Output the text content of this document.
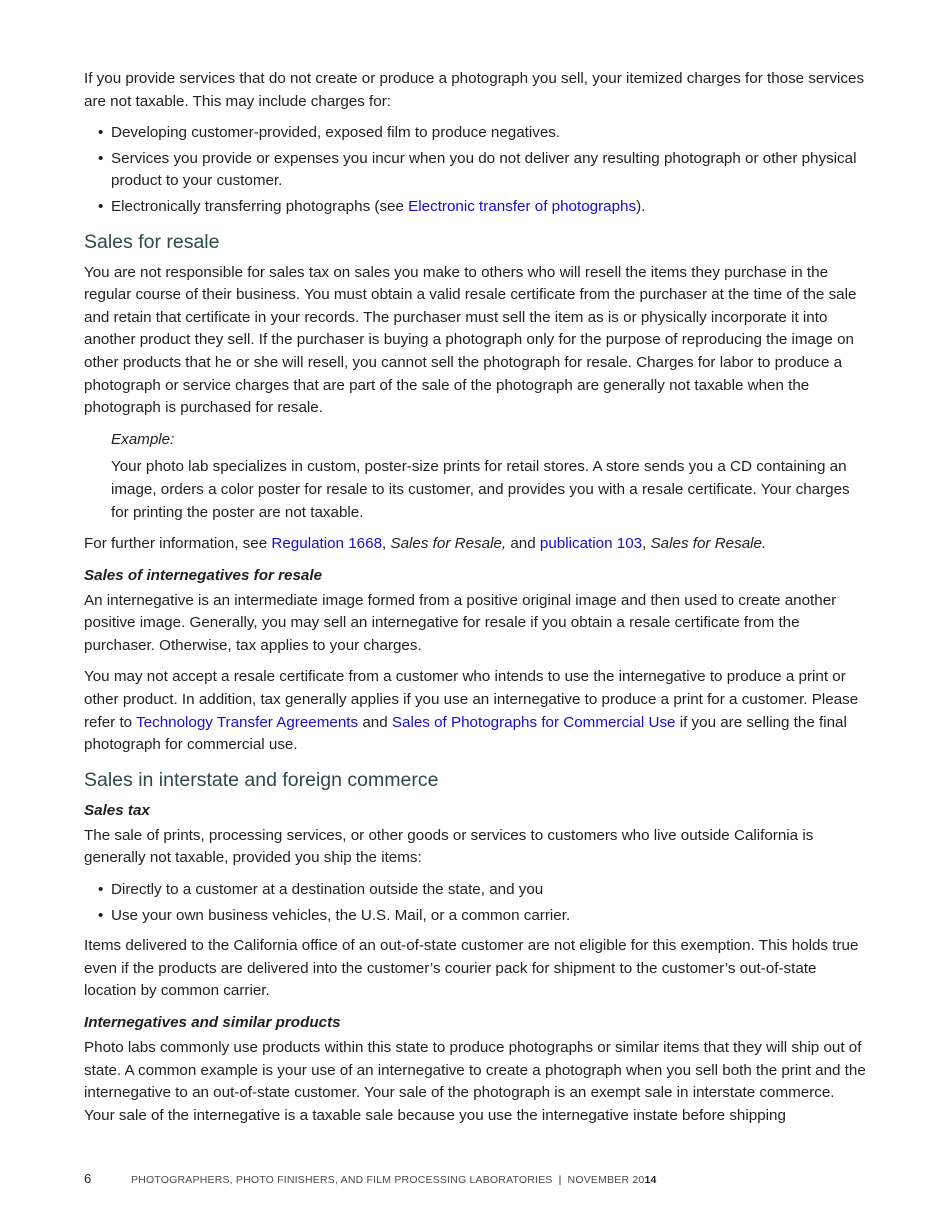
If you provide services that do not create or produce a photograph you sell, your itemized charges for those services are not taxable. This may include charges for:

• Developing customer-provided, exposed film to produce negatives.
• Services you provide or expenses you incur when you do not deliver any resulting photograph or other physical product to your customer.
• Electronically transferring photographs (see Electronic transfer of photographs).
Sales for resale

You are not responsible for sales tax on sales you make to others who will resell the items they purchase in the regular course of their business. You must obtain a valid resale certificate from the purchaser at the time of the sale and retain that certificate in your records. The purchaser must sell the item as is or physically incorporate it into another product they sell. If the purchaser is buying a photograph only for the purpose of reproducing the image on other products that he or she will resell, you cannot sell the photograph for resale. Charges for labor to produce a photograph or service charges that are part of the sale of the photograph are generally not taxable when the photograph is purchased for resale.

Example:

Your photo lab specializes in custom, poster-size prints for retail stores. A store sends you a CD containing an image, orders a color poster for resale to its customer, and provides you with a resale certificate. Your charges for printing the poster are not taxable.

For further information, see Regulation 1668, Sales for Resale, and publication 103, Sales for Resale.

Sales of internegatives for resale

An internegative is an intermediate image formed from a positive original image and then used to create another positive image. Generally, you may sell an internegative for resale if you obtain a resale certificate from the purchaser. Otherwise, tax applies to your charges.

You may not accept a resale certificate from a customer who intends to use the internegative to produce a print or other product. In addition, tax generally applies if you use an internegative to produce a print for a customer. Please refer to Technology Transfer Agreements and Sales of Photographs for Commercial Use if you are selling the final photograph for commercial use.

Sales in interstate and foreign commerce
Sales tax

The sale of prints, processing services, or other goods or services to customers who live outside California is generally not taxable, provided you ship the items:

• Directly to a customer at a destination outside the state, and you
• Use your own business vehicles, the U.S. Mail, or a common carrier.

Items delivered to the California office of an out-of-state customer are not eligible for this exemption. This holds true even if the products are delivered into the customer’s courier pack for shipment to the customer’s out-of-state location by common carrier.

Internegatives and similar products

Photo labs commonly use products within this state to produce photographs or similar items that they will ship out of state. A common example is your use of an internegative to create a photograph when you sell both the print and the internegative to an out-of-state customer. Your sale of the photograph is an exempt sale in interstate commerce. Your sale of the internegative is a taxable sale because you use the internegative instate before shipping

6	PHOTOGRAPHERS, PHOTO FINISHERS, AND FILM PROCESSING LABORATORIES | NOVEMBER 2014
